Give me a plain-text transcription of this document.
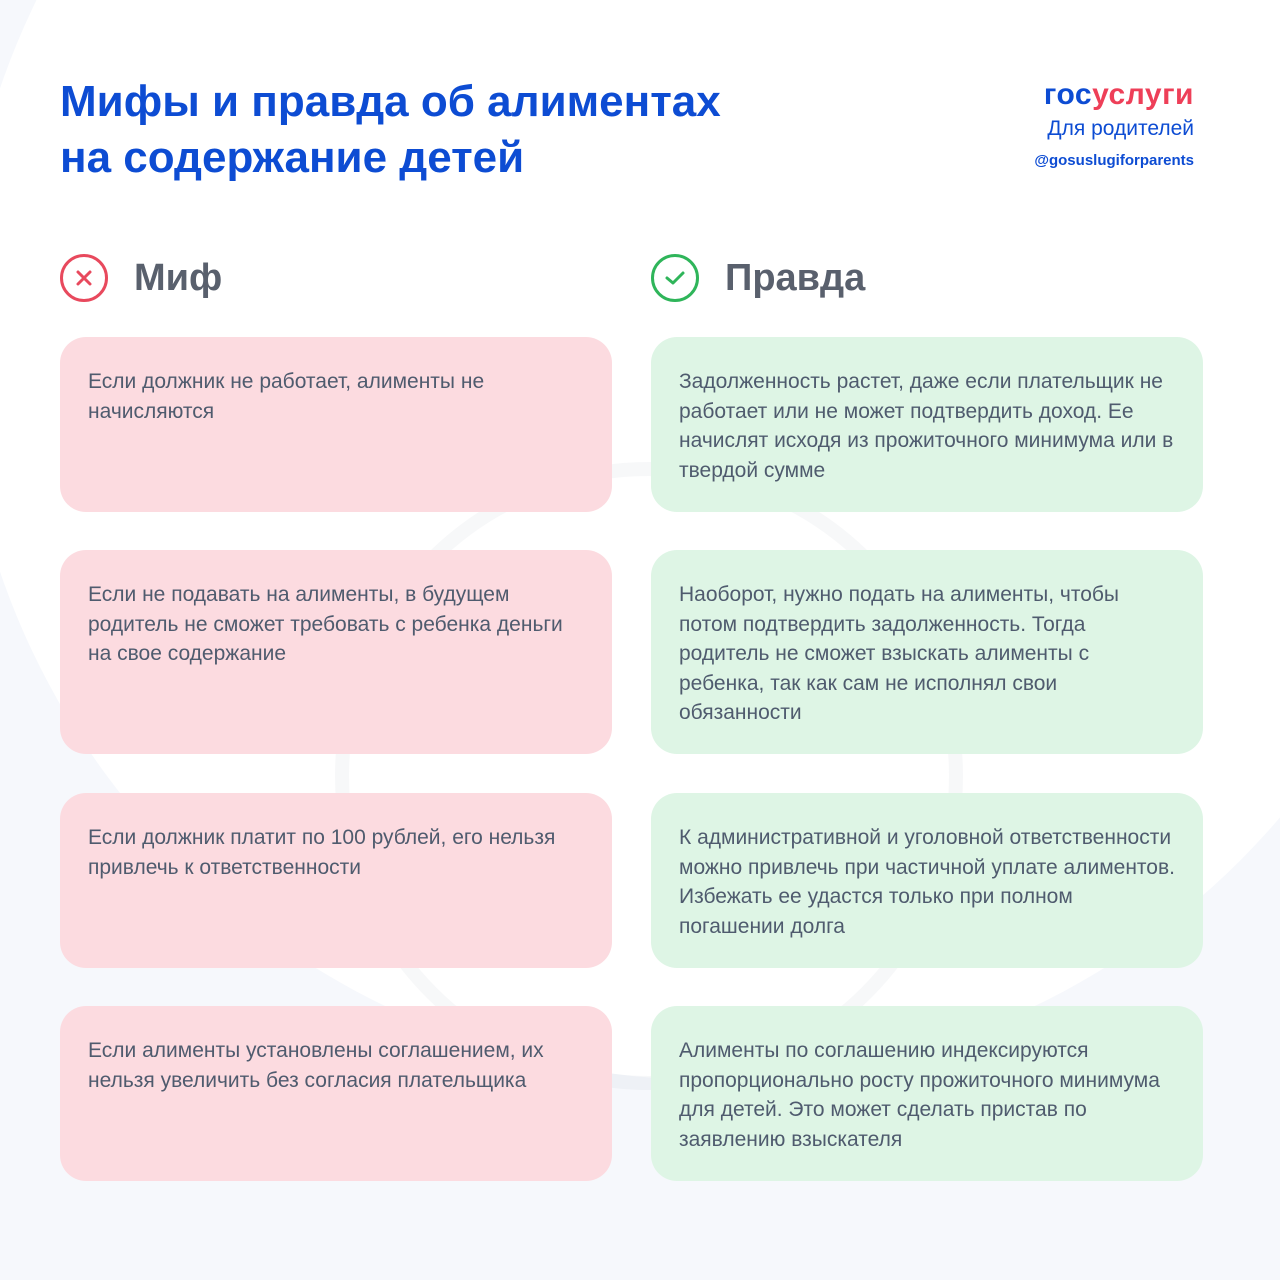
Мифы и правда об алиментах
на содержание детей
госуслуги
Для родителей
@gosuslugiforparents
Миф	Правда
Если должник не работает, алименты не начисляются
Задолженность растет, даже если плательщик не работает или не может подтвердить доход. Ее начислят исходя из прожиточного минимума или в твердой сумме
Если не подавать на алименты, в будущем родитель не сможет требовать с ребенка деньги на свое содержание
Наоборот, нужно подать на алименты, чтобы потом подтвердить задолженность. Тогда родитель не сможет взыскать алименты с ребенка, так как сам не исполнял свои обязанности
Если должник платит по 100 рублей, его нельзя привлечь к ответственности
К административной и уголовной ответственности можно привлечь при частичной уплате алиментов. Избежать ее удастся только при полном погашении долга
Если алименты установлены соглашением, их нельзя увеличить без согласия плательщика
Алименты по соглашению индексируются пропорционально росту прожиточного минимума для детей. Это может сделать пристав по заявлению взыскателя
